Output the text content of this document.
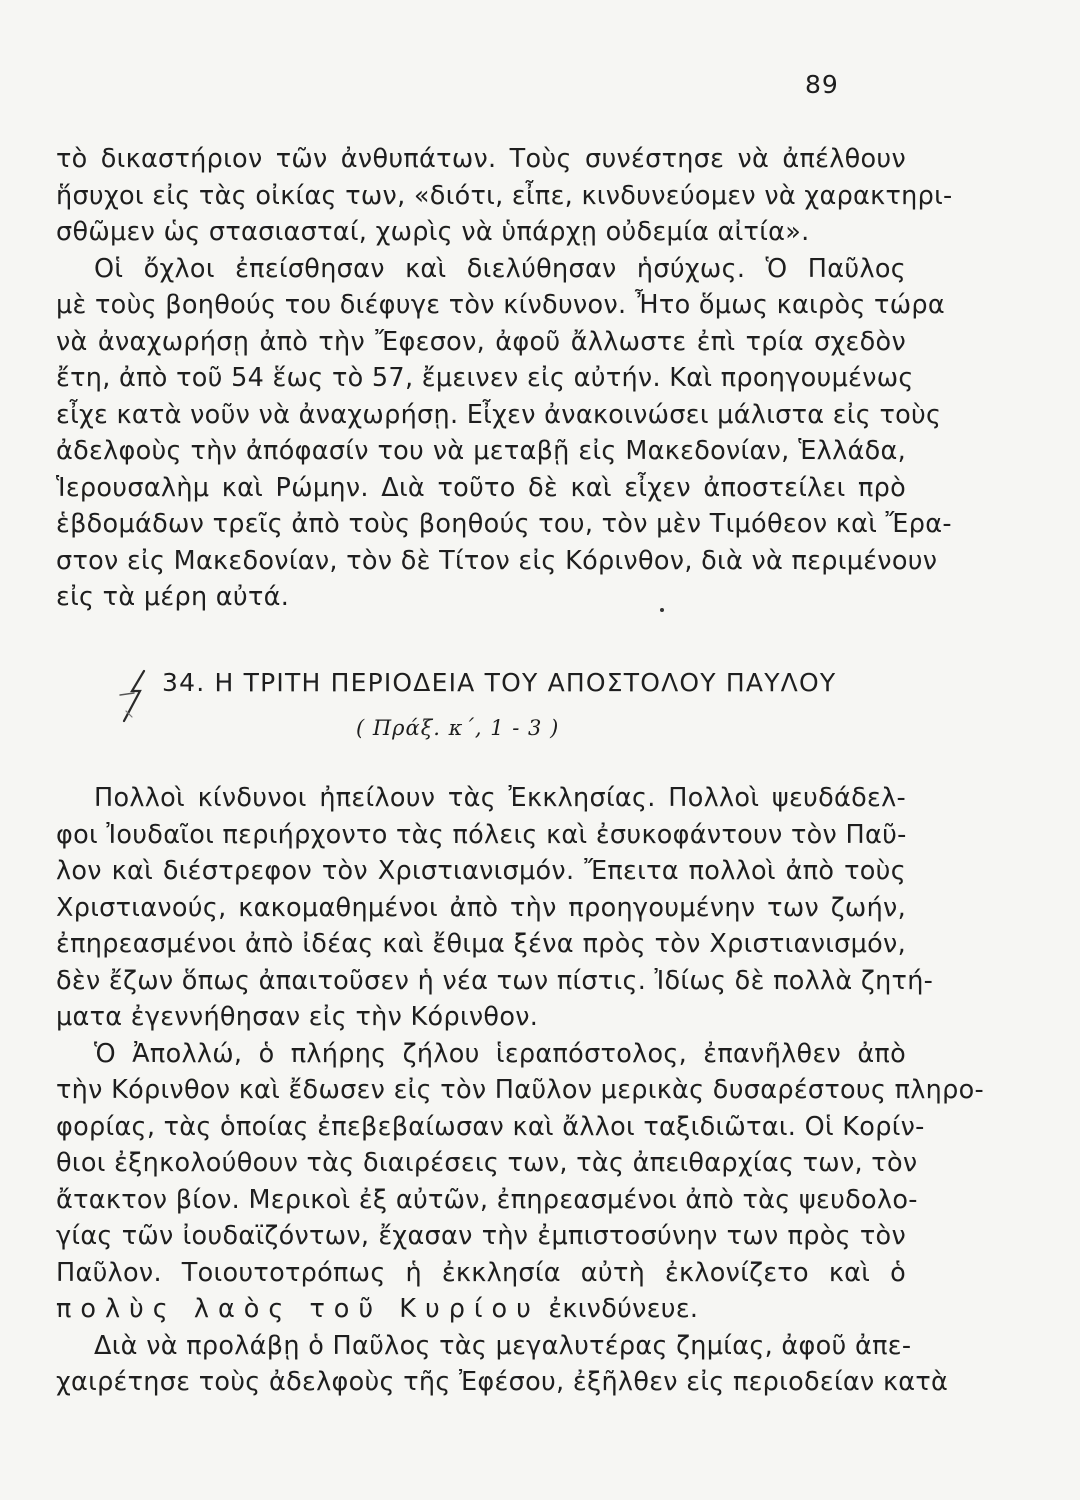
89
τὸ δικαστήριον τῶν ἀνθυπάτων. Τοὺς συνέστησε νὰ ἀπέλθουν
ἥσυχοι εἰς τὰς οἰκίας των, «διότι, εἶπε, κινδυνεύομεν νὰ χαρακτηρι-
σθῶμεν ὡς στασιασταί, χωρὶς νὰ ὑπάρχῃ οὐδεμία αἰτία».
Οἱ ὄχλοι ἐπείσθησαν καὶ διελύθησαν ἡσύχως. Ὁ Παῦλος
μὲ τοὺς βοηθούς του διέφυγε τὸν κίνδυνον. Ἦτο ὅμως καιρὸς τώρα
νὰ ἀναχωρήσῃ ἀπὸ τὴν Ἔφεσον, ἀφοῦ ἄλλωστε ἐπὶ τρία σχεδὸν
ἔτη, ἀπὸ τοῦ 54 ἕως τὸ 57, ἔμεινεν εἰς αὐτήν. Καὶ προηγουμένως
εἶχε κατὰ νοῦν νὰ ἀναχωρήσῃ. Εἶχεν ἀνακοινώσει μάλιστα εἰς τοὺς
ἀδελφοὺς τὴν ἀπόφασίν του νὰ μεταβῇ εἰς Μακεδονίαν, Ἑλλάδα,
Ἱερουσαλὴμ καὶ Ρώμην. Διὰ τοῦτο δὲ καὶ εἶχεν ἀποστείλει πρὸ
ἑβδομάδων τρεῖς ἀπὸ τοὺς βοηθούς του, τὸν μὲν Τιμόθεον καὶ Ἔρα-
στον εἰς Μακεδονίαν, τὸν δὲ Τίτον εἰς Κόρινθον, διὰ νὰ περιμένουν
εἰς τὰ μέρη αὐτά.
34. Η ΤΡΙΤΗ ΠΕΡΙΟΔΕΙΑ ΤΟΥ ΑΠΟΣΤΟΛΟΥ ΠΑΥΛΟΥ
( Πράξ. κ΄, 1 - 3 )
Πολλοὶ κίνδυνοι ἠπείλουν τὰς Ἐκκλησίας. Πολλοὶ ψευδάδελ-
φοι Ἰουδαῖοι περιήρχοντο τὰς πόλεις καὶ ἐσυκοφάντουν τὸν Παῦ-
λον καὶ διέστρεφον τὸν Χριστιανισμόν. Ἔπειτα πολλοὶ ἀπὸ τοὺς
Χριστιανούς, κακομαθημένοι ἀπὸ τὴν προηγουμένην των ζωήν,
ἐπηρεασμένοι ἀπὸ ἰδέας καὶ ἔθιμα ξένα πρὸς τὸν Χριστιανισμόν,
δὲν ἔζων ὅπως ἀπαιτοῦσεν ἡ νέα των πίστις. Ἰδίως δὲ πολλὰ ζητή-
ματα ἐγεννήθησαν εἰς τὴν Κόρινθον.
Ὁ Ἀπολλώ, ὁ πλήρης ζήλου ἱεραπόστολος, ἐπανῆλθεν ἀπὸ
τὴν Κόρινθον καὶ ἔδωσεν εἰς τὸν Παῦλον μερικὰς δυσαρέστους πληρο-
φορίας, τὰς ὁποίας ἐπεβεβαίωσαν καὶ ἄλλοι ταξιδιῶται. Οἱ Κορίν-
θιοι ἐξηκολούθουν τὰς διαιρέσεις των, τὰς ἀπειθαρχίας των, τὸν
ἄτακτον βίον. Μερικοὶ ἐξ αὐτῶν, ἐπηρεασμένοι ἀπὸ τὰς ψευδολο-
γίας τῶν ἰουδαϊζόντων, ἔχασαν τὴν ἐμπιστοσύνην των πρὸς τὸν
Παῦλον. Τοιουτοτρόπως ἡ ἐκκλησία αὐτὴ ἐκλονίζετο καὶ ὁ
πολὺς λαὸς τοῦ Κυρίου ἐκινδύνευε.
Διὰ νὰ προλάβῃ ὁ Παῦλος τὰς μεγαλυτέρας ζημίας, ἀφοῦ ἀπε-
χαιρέτησε τοὺς ἀδελφοὺς τῆς Ἐφέσου, ἐξῆλθεν εἰς περιοδείαν κατὰ
